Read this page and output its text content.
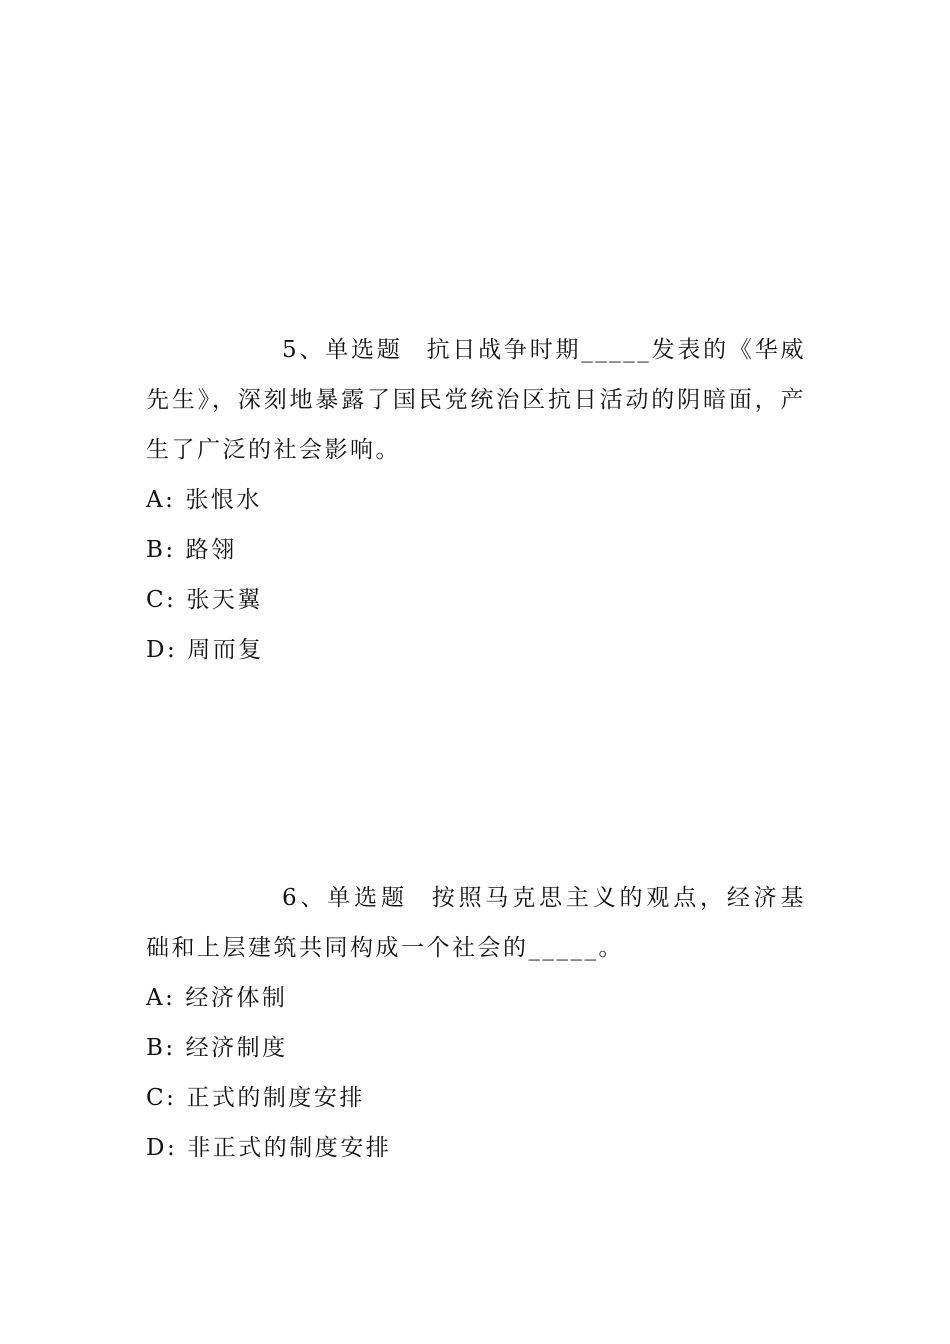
5、单选题 抗日战争时期_____发表的《华威先生》，深刻地暴露了国民党统治区抗日活动的阴暗面，产生了广泛的社会影响。

A: 张恨水
B: 路翎
C: 张天翼
D: 周而复

6、单选题 按照马克思主义的观点，经济基础和上层建筑共同构成一个社会的_____。

A: 经济体制
B: 经济制度
C: 正式的制度安排
D: 非正式的制度安排
